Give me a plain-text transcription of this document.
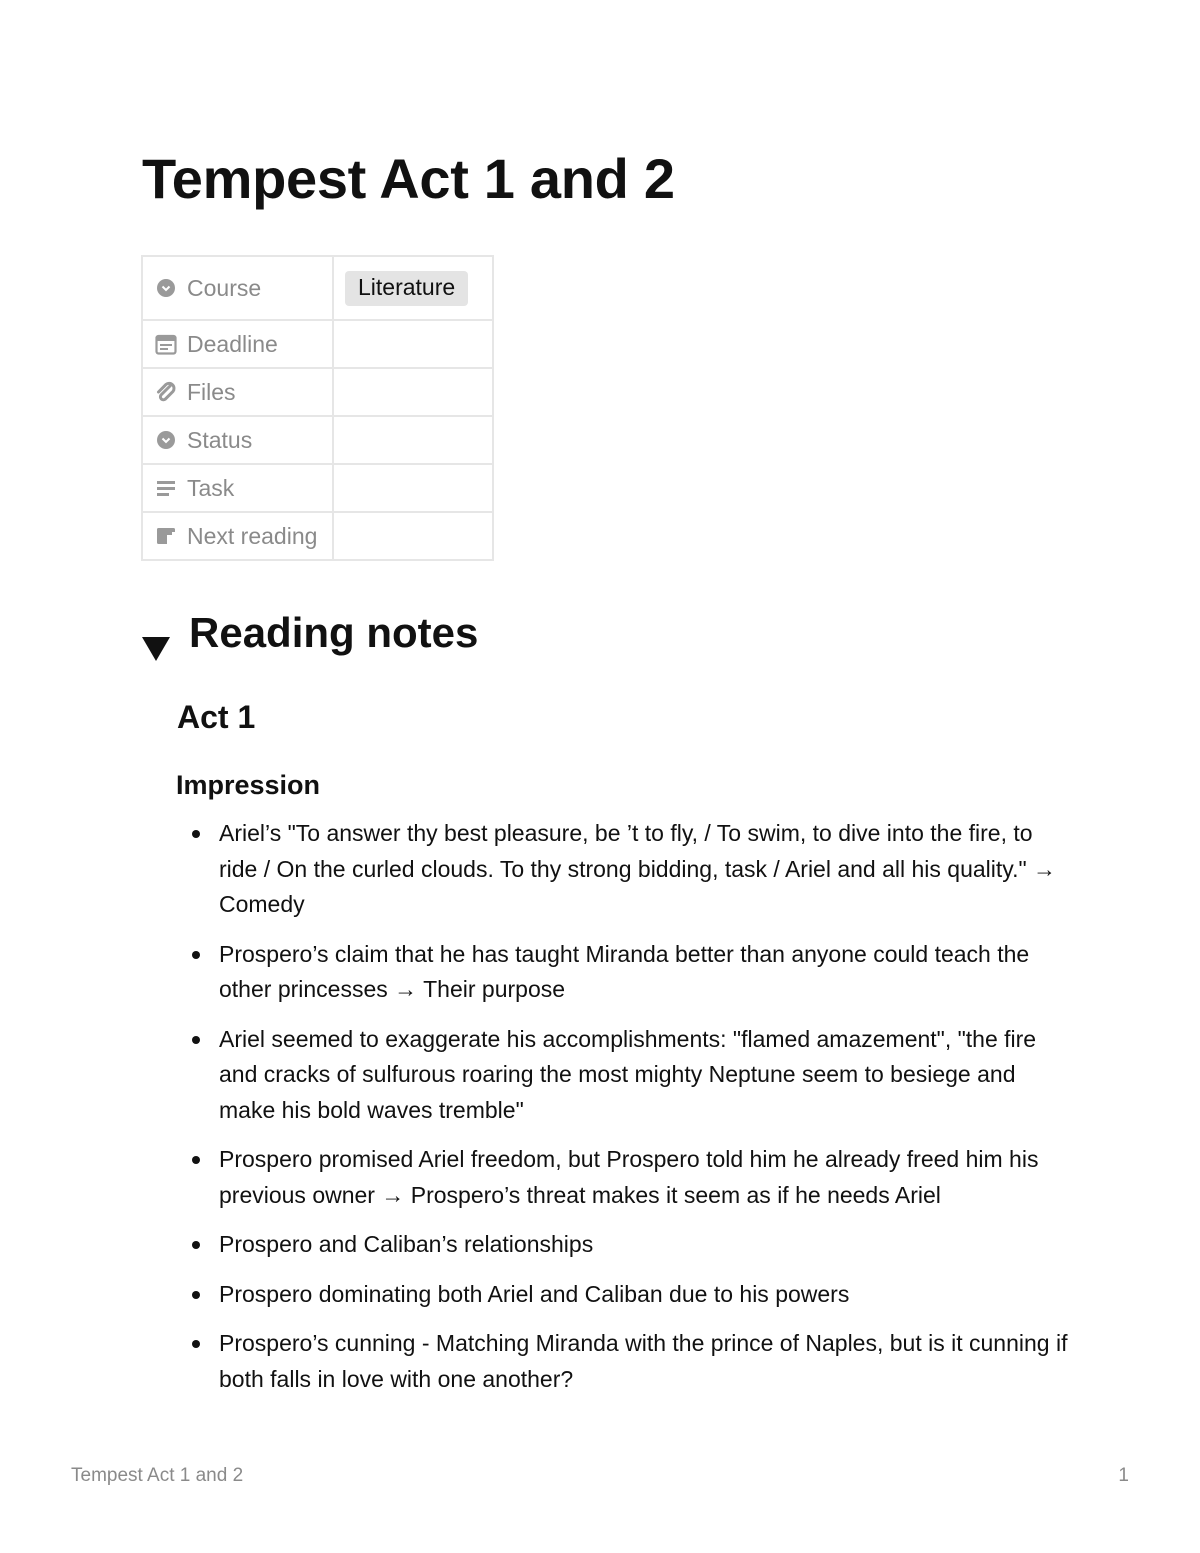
Tempest Act 1 and 2
Course	Literature

Deadline	

Files	

Status	

Task	

Next reading	

Reading notes
Act 1
Impression
Ariel’s "To answer thy best pleasure, be ’t to fly, / To swim, to dive into the fire, to ride / On the curled clouds. To thy strong bidding, task / Ariel and all his quality." → Comedy
Prospero’s claim that he has taught Miranda better than anyone could teach the other princesses → Their purpose
Ariel seemed to exaggerate his accomplishments: "flamed amazement", "the fire and cracks of sulfurous roaring the most mighty Neptune seem to besiege and make his bold waves tremble"
Prospero promised Ariel freedom, but Prospero told him he already freed him his previous owner → Prospero’s threat makes it seem as if he needs Ariel
Prospero and Caliban’s relationships
Prospero dominating both Ariel and Caliban due to his powers
Prospero’s cunning - Matching Miranda with the prince of Naples, but is it cunning if both falls in love with one another?
Tempest Act 1 and 2	1
